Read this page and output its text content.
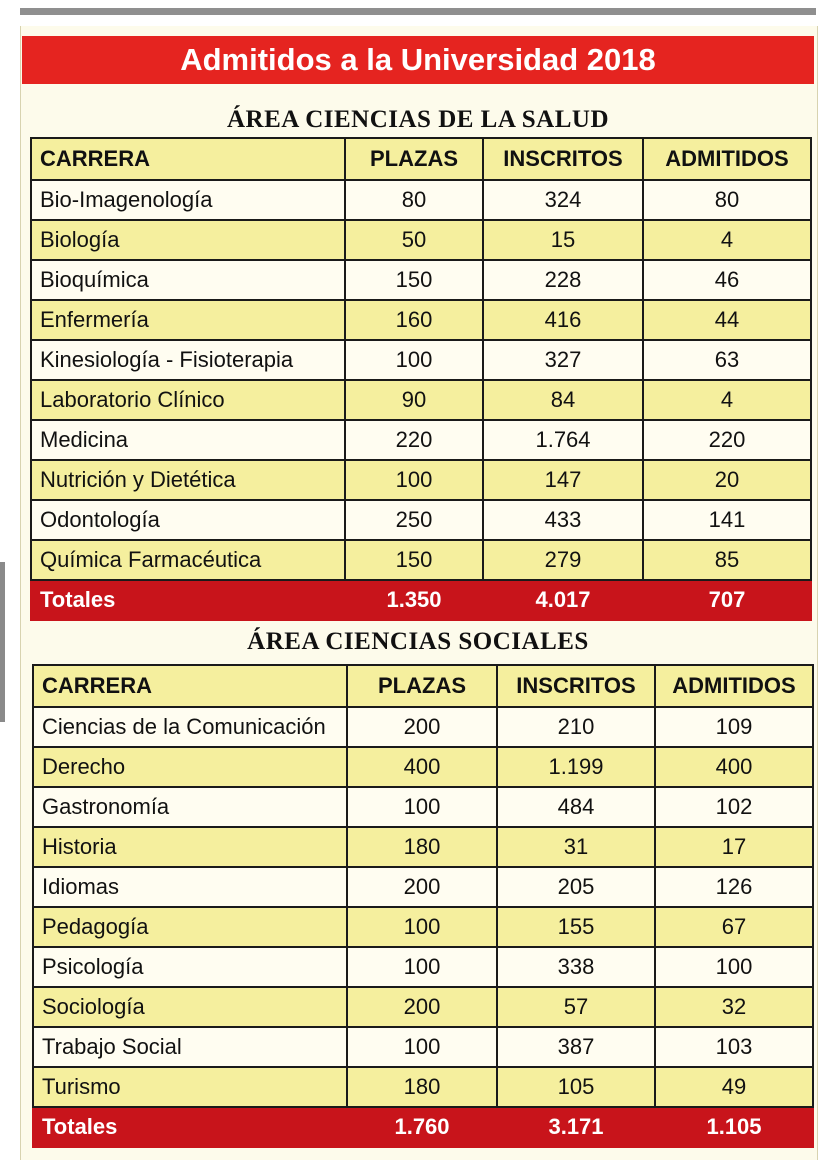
Admitidos a la Universidad 2018
ÁREA CIENCIAS DE LA SALUD
CARRERA	PLAZAS	INSCRITOS	ADMITIDOS
Bio-Imagenología	80	324	80
Biología	50	15	4
Bioquímica	150	228	46
Enfermería	160	416	44
Kinesiología - Fisioterapia	100	327	63
Laboratorio Clínico	90	84	4
Medicina	220	1.764	220
Nutrición y Dietética	100	147	20
Odontología	250	433	141
Química Farmacéutica	150	279	85
Totales	1.350	4.017	707
ÁREA CIENCIAS SOCIALES
CARRERA	PLAZAS	INSCRITOS	ADMITIDOS
Ciencias de la Comunicación	200	210	109
Derecho	400	1.199	400
Gastronomía	100	484	102
Historia	180	31	17
Idiomas	200	205	126
Pedagogía	100	155	67
Psicología	100	338	100
Sociología	200	57	32
Trabajo Social	100	387	103
Turismo	180	105	49
Totales	1.760	3.171	1.105
